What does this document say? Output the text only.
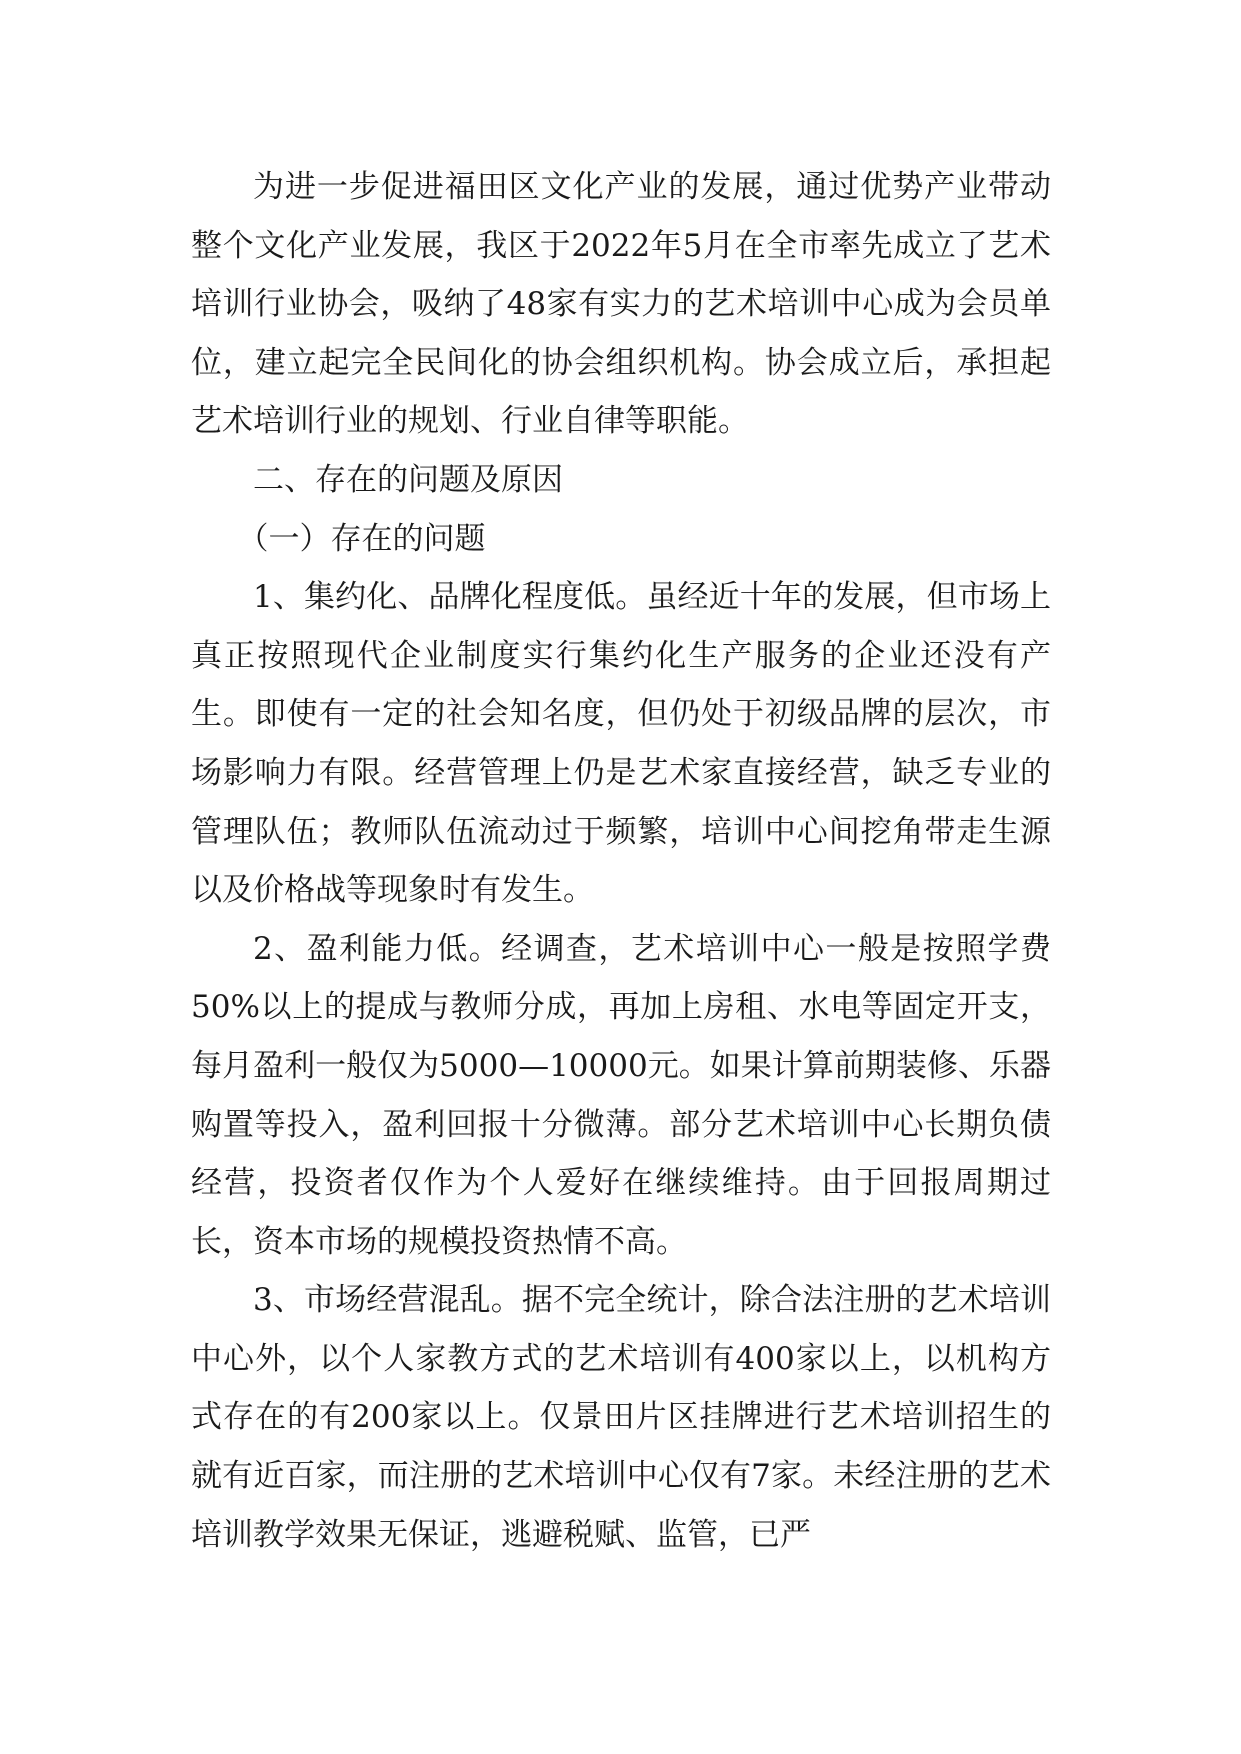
为进一步促进福田区文化产业的发展，通过优势产业带动整个文化产业发展，我区于2022年5月在全市率先成立了艺术培训行业协会，吸纳了48家有实力的艺术培训中心成为会员单位，建立起完全民间化的协会组织机构。协会成立后，承担起艺术培训行业的规划、行业自律等职能。

二、存在的问题及原因

（一）存在的问题

1、集约化、品牌化程度低。虽经近十年的发展，但市场上真正按照现代企业制度实行集约化生产服务的企业还没有产生。即使有一定的社会知名度，但仍处于初级品牌的层次，市场影响力有限。经营管理上仍是艺术家直接经营，缺乏专业的管理队伍；教师队伍流动过于频繁，培训中心间挖角带走生源以及价格战等现象时有发生。

2、盈利能力低。经调查，艺术培训中心一般是按照学费50%以上的提成与教师分成，再加上房租、水电等固定开支，每月盈利一般仅为5000—10000元。如果计算前期装修、乐器购置等投入，盈利回报十分微薄。部分艺术培训中心长期负债经营，投资者仅作为个人爱好在继续维持。由于回报周期过长，资本市场的规模投资热情不高。

3、市场经营混乱。据不完全统计，除合法注册的艺术培训中心外，以个人家教方式的艺术培训有400家以上，以机构方式存在的有200家以上。仅景田片区挂牌进行艺术培训招生的就有近百家，而注册的艺术培训中心仅有7家。未经注册的艺术培训教学效果无保证，逃避税赋、监管，已严
